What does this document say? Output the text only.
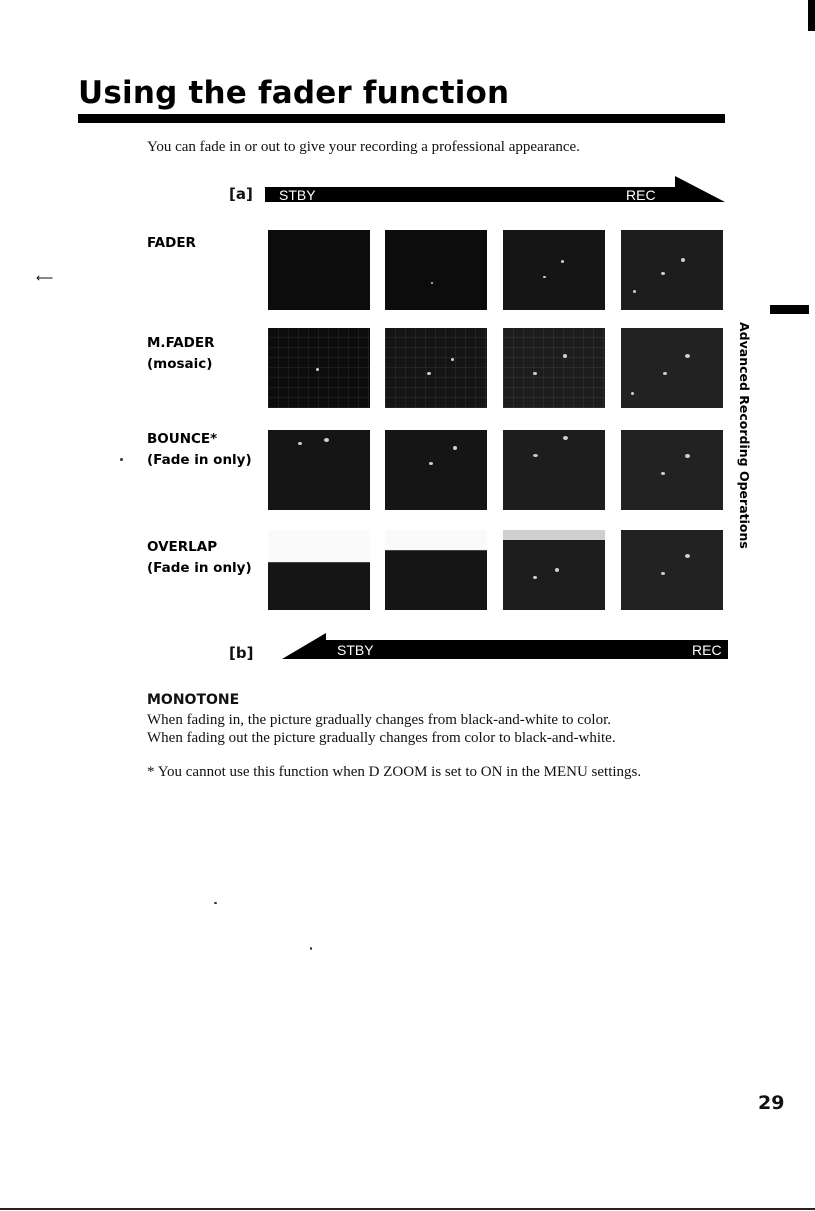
Using the fader function
You can fade in or out to give your recording a professional appearance.
[a] STBY	REC
FADER
M.FADER
(mosaic)
BOUNCE*
(Fade in only)
OVERLAP
(Fade in only)
[b]	STBY	REC
Advanced Recording Operations
MONOTONE
When fading in, the picture gradually changes from black-and-white to color.
When fading out the picture gradually changes from color to black-and-white.
* You cannot use this function when D ZOOM is set to ON in the MENU settings.
29
⟵
